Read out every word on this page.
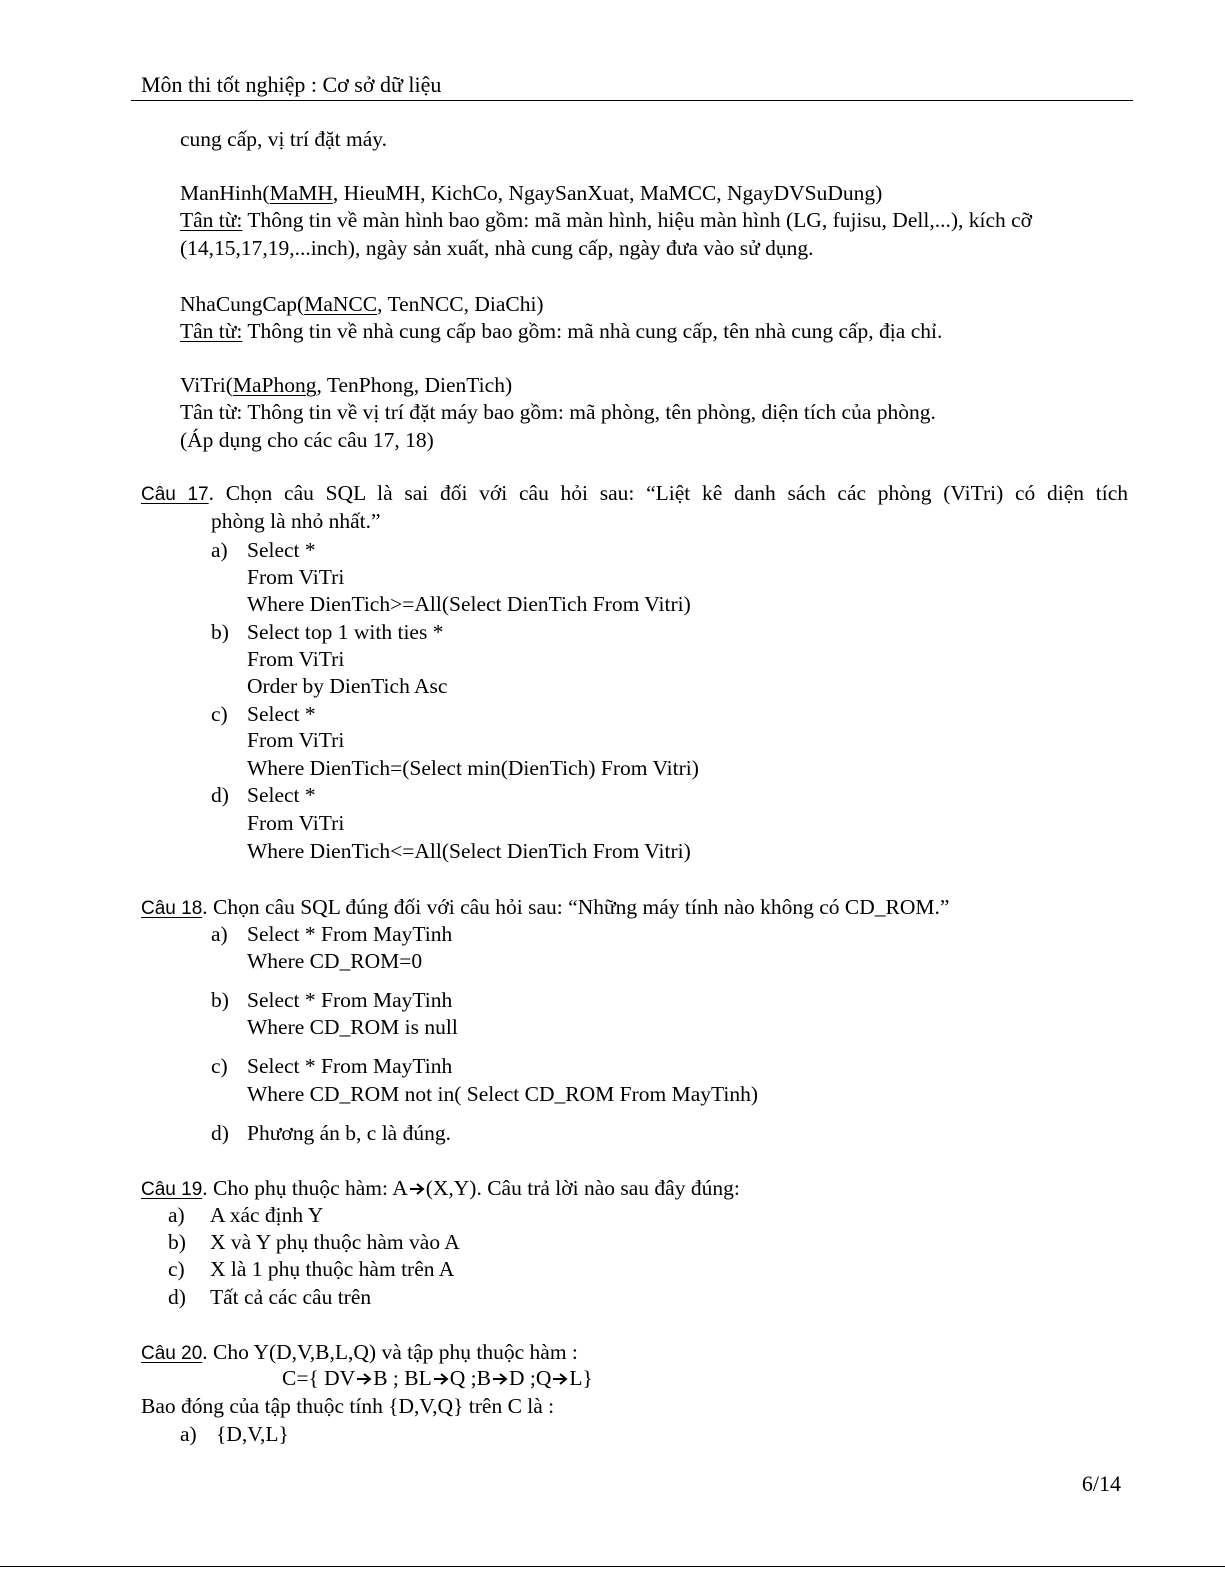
Môn thi tốt nghiệp : Cơ sở dữ liệu
cung cấp, vị trí đặt máy.
ManHinh(MaMH, HieuMH, KichCo, NgaySanXuat, MaMCC, NgayDVSuDung)
Tân từ: Thông tin về màn hình bao gồm: mã màn hình, hiệu màn hình (LG, fujisu, Dell,...), kích cỡ
(14,15,17,19,...inch), ngày sản xuất, nhà cung cấp, ngày đưa vào sử dụng.
NhaCungCap(MaNCC, TenNCC, DiaChi)
Tân từ: Thông tin về nhà cung cấp bao gồm: mã nhà cung cấp, tên nhà cung cấp, địa chỉ.
ViTri(MaPhong, TenPhong, DienTich)
Tân từ: Thông tin về vị trí đặt máy bao gồm: mã phòng, tên phòng, diện tích của phòng.
(Áp dụng cho các câu 17, 18)
Câu 17. Chọn câu SQL là sai đối với câu hỏi sau: “Liệt kê danh sách các phòng (ViTri) có diện tích
phòng là nhỏ nhất.”
a) Select *
From ViTri
Where DienTich>=All(Select DienTich From Vitri)
b) Select top 1 with ties *
From ViTri
Order by DienTich Asc
c) Select *
From ViTri
Where DienTich=(Select min(DienTich) From Vitri)
d) Select *
From ViTri
Where DienTich<=All(Select DienTich From Vitri)
Câu 18. Chọn câu SQL đúng đối với câu hỏi sau: “Những máy tính nào không có CD_ROM.”
a) Select * From MayTinh
Where CD_ROM=0
b) Select * From MayTinh
Where CD_ROM is null
c) Select * From MayTinh
Where CD_ROM not in( Select CD_ROM From MayTinh)
d) Phương án b, c là đúng.
Câu 19. Cho phụ thuộc hàm: A (X,Y). Câu trả lời nào sau đây đúng:
a) A xác định Y
b) X và Y phụ thuộc hàm vào A
c) X là 1 phụ thuộc hàm trên A
d) Tất cả các câu trên
Câu 20. Cho Y(D,V,B,L,Q) và tập phụ thuộc hàm :
C={ DV B ; BL Q ;B D ;Q L}
Bao đóng của tập thuộc tính {D,V,Q} trên C là :
a) {D,V,L}
6/14
